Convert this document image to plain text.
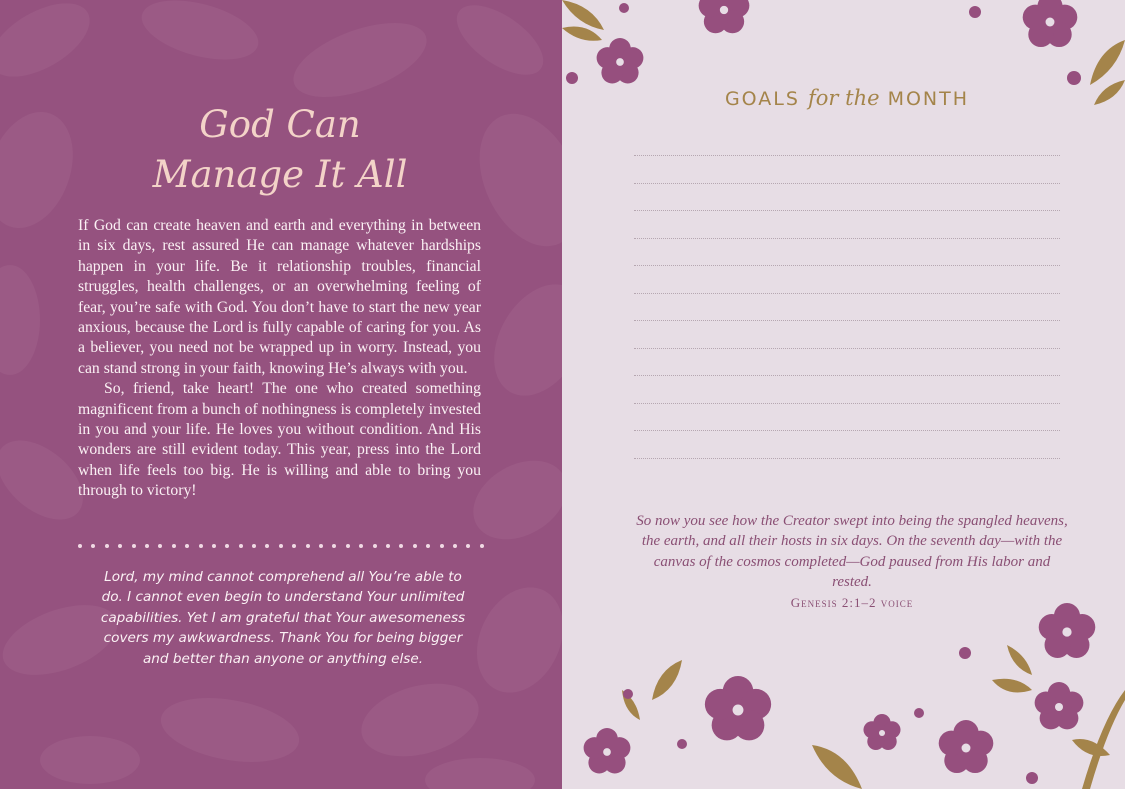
God Can
Manage It All

If God can create heaven and earth and everything in between in six days, rest assured He can manage whatever hardships happen in your life. Be it relationship troubles, financial struggles, health challenges, or an overwhelming feeling of fear, you’re safe with God. You don’t have to start the new year anxious, because the Lord is fully capable of caring for you. As a believer, you need not be wrapped up in worry. Instead, you can stand strong in your faith, knowing He’s always with you.

So, friend, take heart! The one who created something magnificent from a bunch of nothingness is completely invested in you and your life. He loves you without condition. And His wonders are still evident today. This year, press into the Lord when life feels too big. He is willing and able to bring you through to victory!

Lord, my mind cannot comprehend all You’re able to do. I cannot even begin to understand Your unlimited capabilities. Yet I am grateful that Your awesomeness covers my awkwardness. Thank You for being bigger and better than anyone or anything else.
GOALS for the MONTH
So now you see how the Creator swept into being the spangled heavens, the earth, and all their hosts in six days. On the seventh day—with the canvas of the cosmos completed—God paused from His labor and rested.
Genesis 2:1–2 voice
